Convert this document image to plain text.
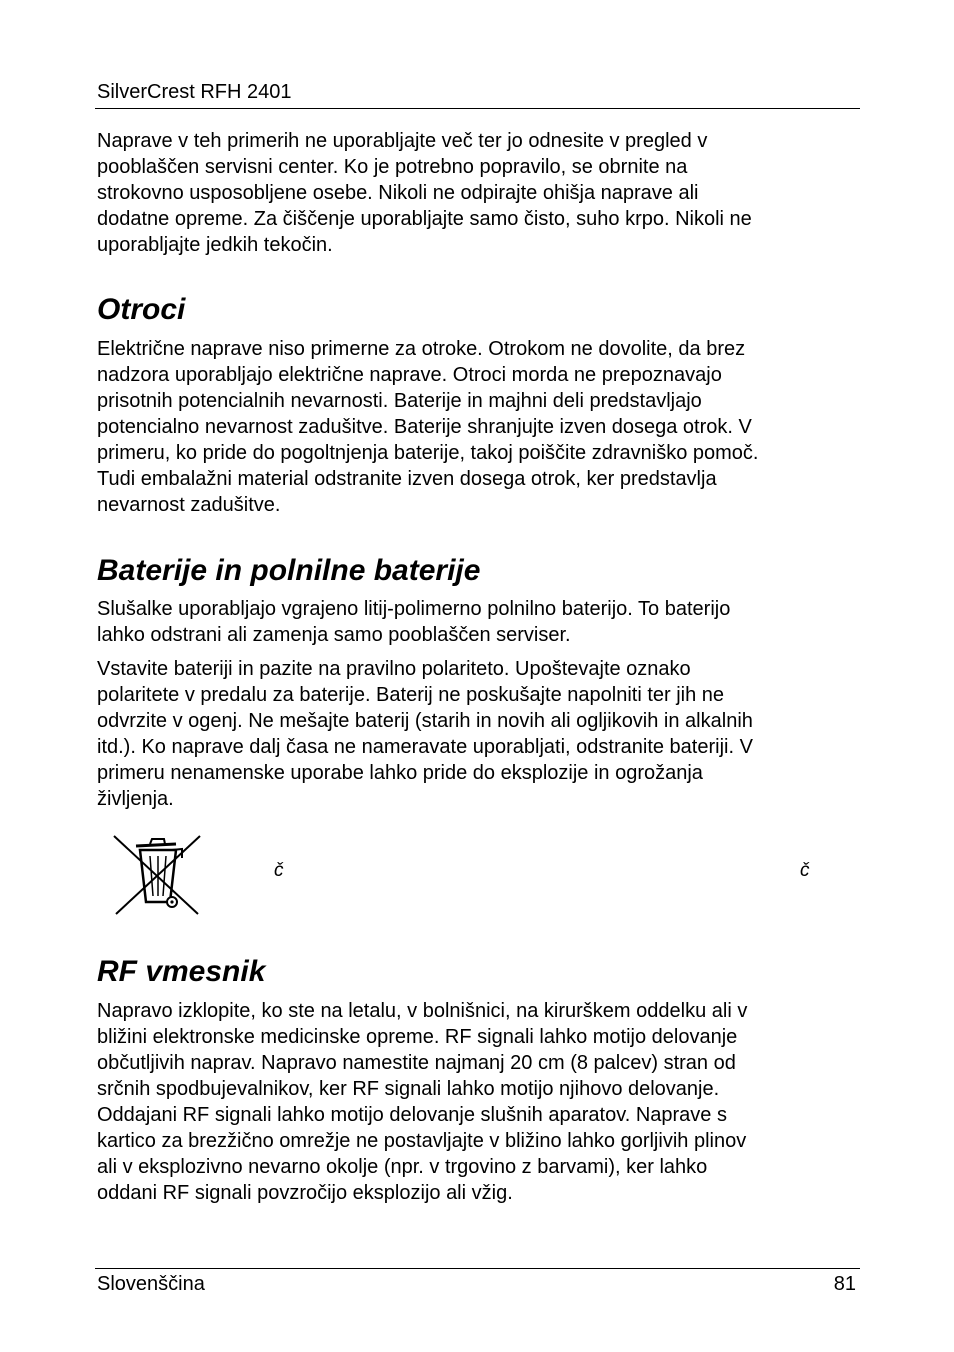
SilverCrest RFH 2401
Naprave v teh primerih ne uporabljajte več ter jo odnesite v pregled v
pooblaščen servisni center. Ko je potrebno popravilo, se obrnite na
strokovno usposobljene osebe. Nikoli ne odpirajte ohišja naprave ali
dodatne opreme. Za čiščenje uporabljajte samo čisto, suho krpo. Nikoli ne
uporabljajte jedkih tekočin.
Otroci
Električne naprave niso primerne za otroke. Otrokom ne dovolite, da brez
nadzora uporabljajo električne naprave. Otroci morda ne prepoznavajo
prisotnih potencialnih nevarnosti. Baterije in majhni deli predstavljajo
potencialno nevarnost zadušitve. Baterije shranjujte izven dosega otrok. V
primeru, ko pride do pogoltnjenja baterije, takoj poiščite zdravniško pomoč.
Tudi embalažni material odstranite izven dosega otrok, ker predstavlja
nevarnost zadušitve.
Baterije in polnilne baterije
Slušalke uporabljajo vgrajeno litij-polimerno polnilno baterijo. To baterijo
lahko odstrani ali zamenja samo pooblaščen serviser.
Vstavite bateriji in pazite na pravilno polariteto. Upoštevajte oznako
polaritete v predalu za baterije. Baterij ne poskušajte napolniti ter jih ne
odvrzite v ogenj. Ne mešajte baterij (starih in novih ali ogljikovih in alkalnih
itd.). Ko naprave dalj časa ne nameravate uporabljati, odstranite bateriji. V
primeru nenamenske uporabe lahko pride do eksplozije in ogrožanja
življenja.
č	č
RF vmesnik
Napravo izklopite, ko ste na letalu, v bolnišnici, na kirurškem oddelku ali v
bližini elektronske medicinske opreme. RF signali lahko motijo delovanje
občutljivih naprav. Napravo namestite najmanj 20 cm (8 palcev) stran od
srčnih spodbujevalnikov, ker RF signali lahko motijo njihovo delovanje.
Oddajani RF signali lahko motijo delovanje slušnih aparatov. Naprave s
kartico za brezžično omrežje ne postavljajte v bližino lahko gorljivih plinov
ali v eksplozivno nevarno okolje (npr. v trgovino z barvami), ker lahko
oddani RF signali povzročijo eksplozijo ali vžig.
Slovenščina	81
